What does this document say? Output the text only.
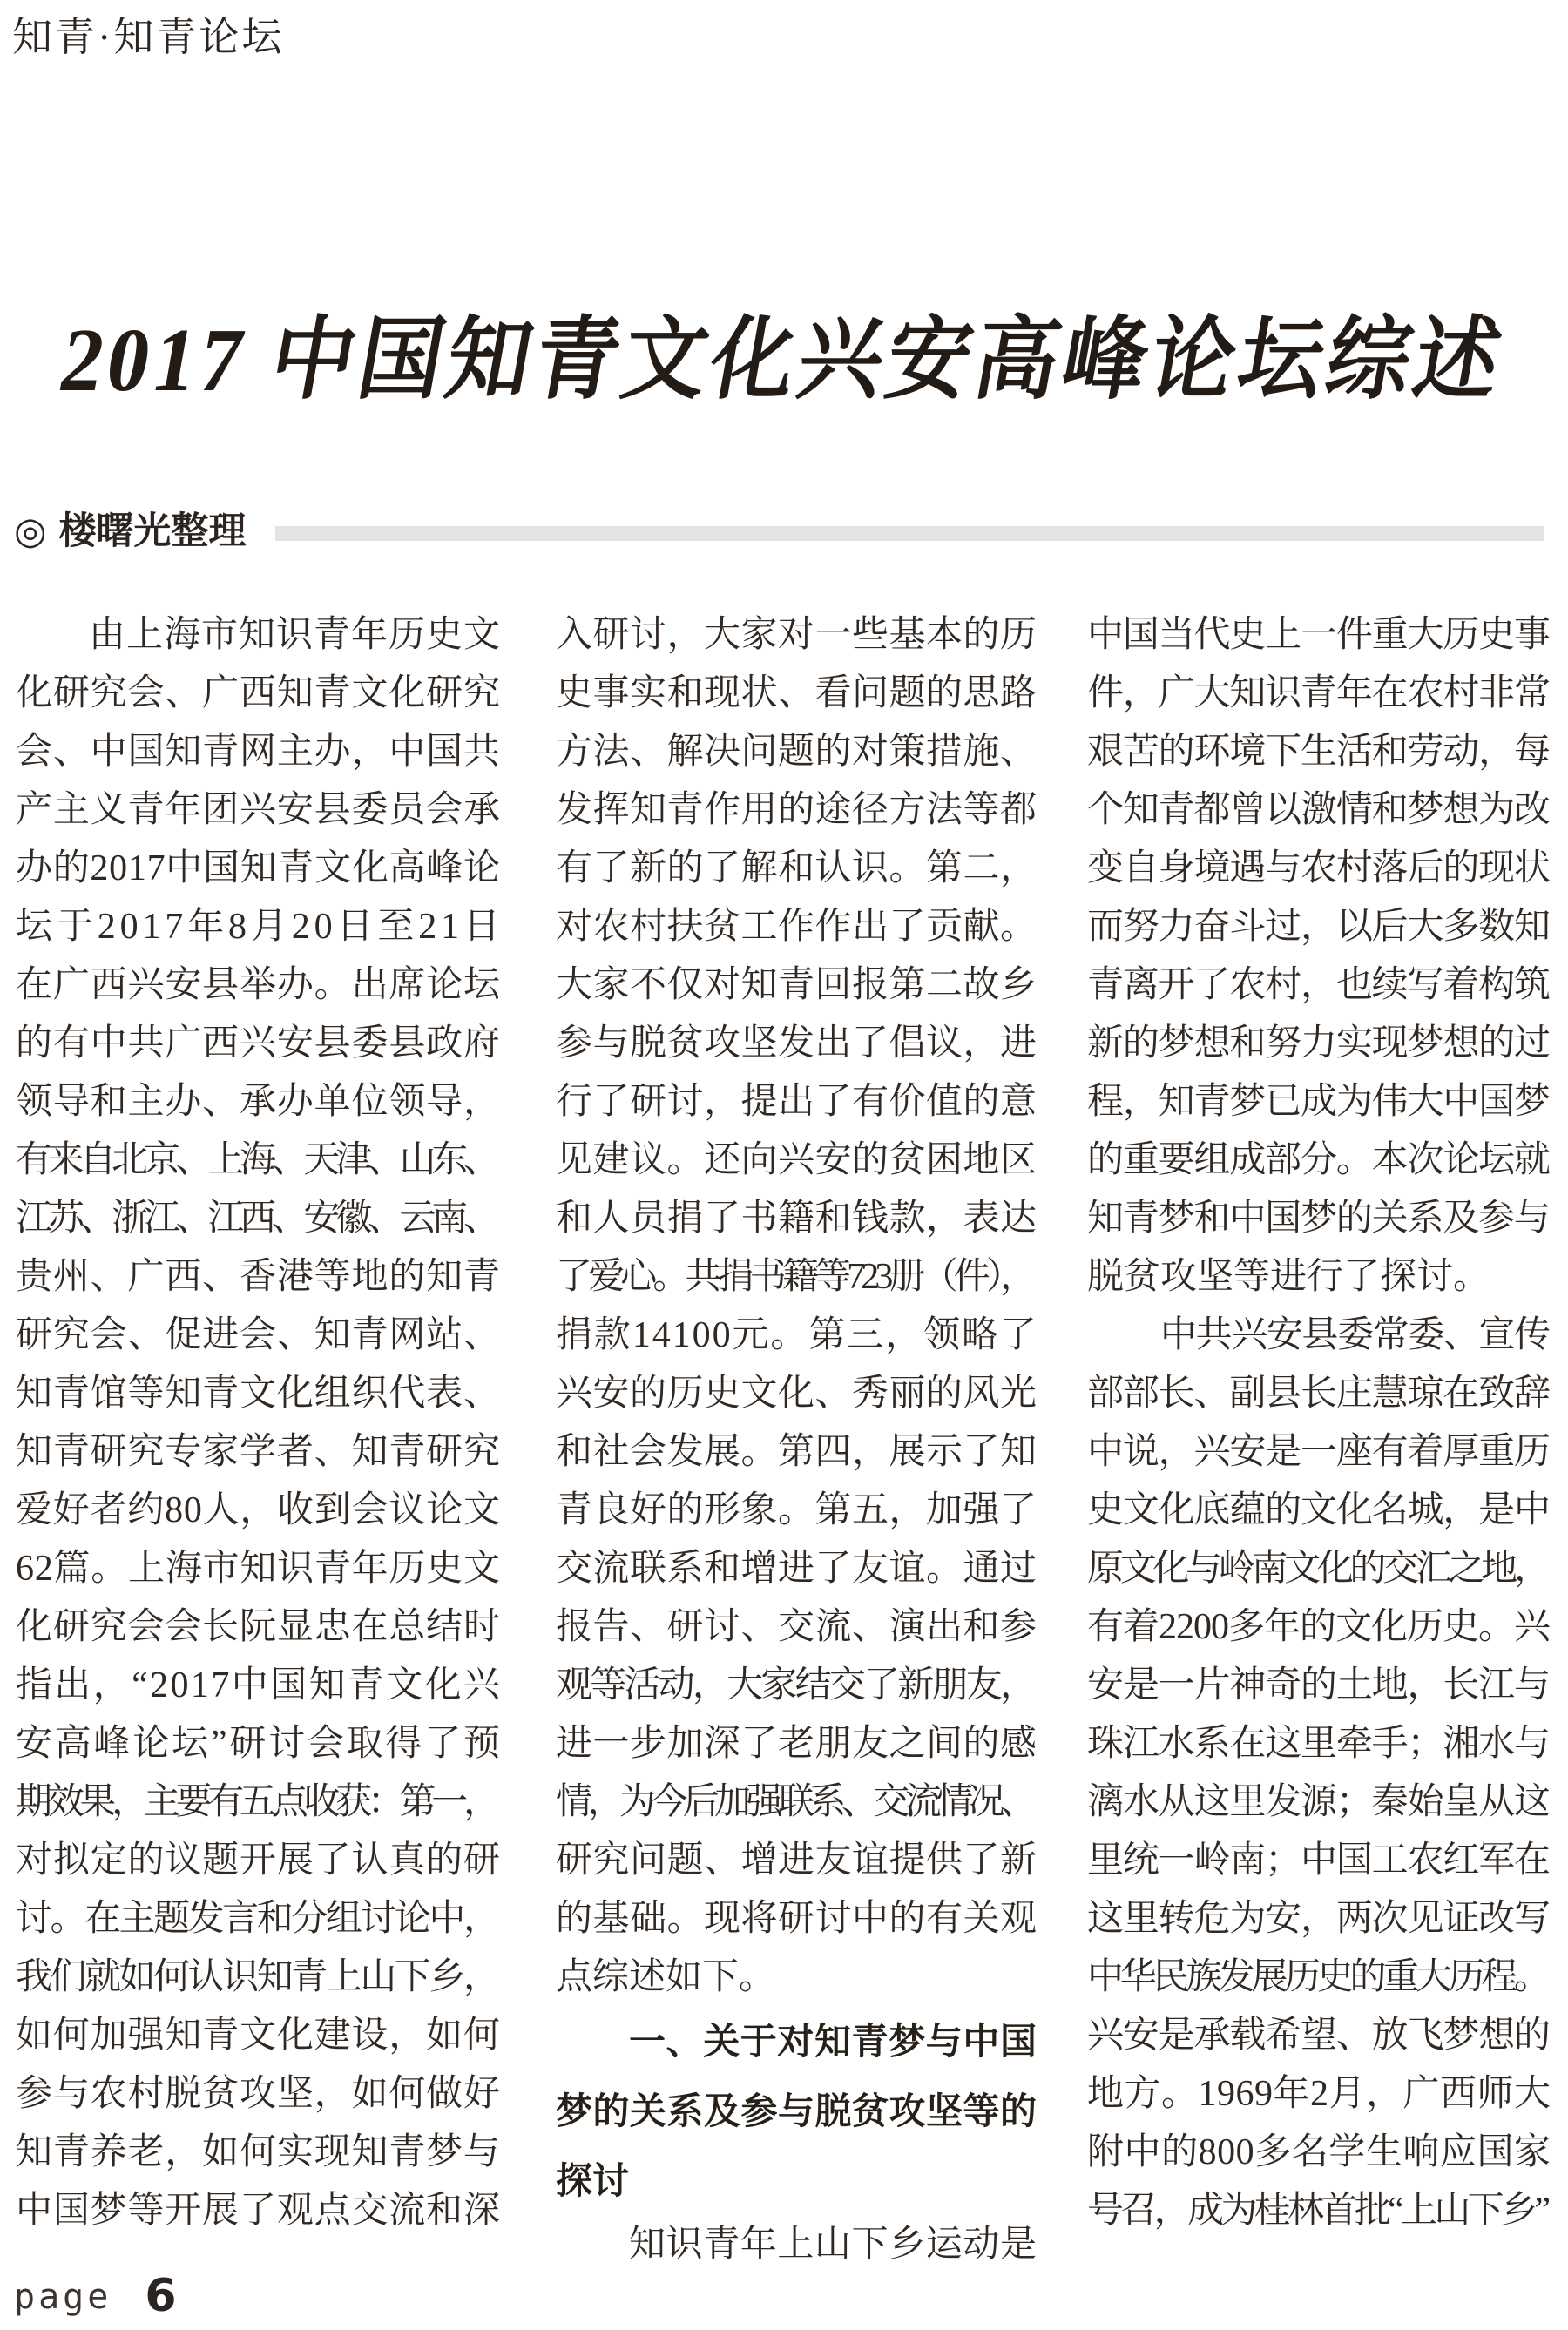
知青·知青论坛
2017 中国知青文化兴安高峰论坛综述
◎ 楼曙光整理
由上海市知识青年历史文
化研究会、广西知青文化研究
会、中国知青网主办，中国共
产主义青年团兴安县委员会承
办的2017中国知青文化高峰论
坛于2017年8月20日至21日
在广西兴安县举办。出席论坛
的有中共广西兴安县委县政府
领导和主办、承办单位领导，
有来自北京、上海、天津、山东、
江苏、浙江、江西、安徽、云南、
贵州、广西、香港等地的知青
研究会、促进会、知青网站、
知青馆等知青文化组织代表、
知青研究专家学者、知青研究
爱好者约80人，收到会议论文
62篇。上海市知识青年历史文
化研究会会长阮显忠在总结时
指出，“2017中国知青文化兴
安高峰论坛”研讨会取得了预
期效果，主要有五点收获：第一，
对拟定的议题开展了认真的研
讨。在主题发言和分组讨论中，
我们就如何认识知青上山下乡，
如何加强知青文化建设，如何
参与农村脱贫攻坚，如何做好
知青养老，如何实现知青梦与
中国梦等开展了观点交流和深
入研讨，大家对一些基本的历
史事实和现状、看问题的思路
方法、解决问题的对策措施、
发挥知青作用的途径方法等都
有了新的了解和认识。第二，
对农村扶贫工作作出了贡献。
大家不仅对知青回报第二故乡
参与脱贫攻坚发出了倡议，进
行了研讨，提出了有价值的意
见建议。还向兴安的贫困地区
和人员捐了书籍和钱款，表达
了爱心。共捐书籍等723册（件），
捐款14100元。第三，领略了
兴安的历史文化、秀丽的风光
和社会发展。第四，展示了知
青良好的形象。第五，加强了
交流联系和增进了友谊。通过
报告、研讨、交流、演出和参
观等活动，大家结交了新朋友，
进一步加深了老朋友之间的感
情，为今后加强联系、交流情况、
研究问题、增进友谊提供了新
的基础。现将研讨中的有关观
点综述如下。
一、关于对知青梦与中国
梦的关系及参与脱贫攻坚等的
探讨
知识青年上山下乡运动是
中国当代史上一件重大历史事
件，广大知识青年在农村非常
艰苦的环境下生活和劳动，每
个知青都曾以激情和梦想为改
变自身境遇与农村落后的现状
而努力奋斗过，以后大多数知
青离开了农村，也续写着构筑
新的梦想和努力实现梦想的过
程，知青梦已成为伟大中国梦
的重要组成部分。本次论坛就
知青梦和中国梦的关系及参与
脱贫攻坚等进行了探讨。
中共兴安县委常委、宣传
部部长、副县长庄慧琼在致辞
中说，兴安是一座有着厚重历
史文化底蕴的文化名城，是中
原文化与岭南文化的交汇之地，
有着2200多年的文化历史。兴
安是一片神奇的土地，长江与
珠江水系在这里牵手；湘水与
漓水从这里发源；秦始皇从这
里统一岭南；中国工农红军在
这里转危为安，两次见证改写
中华民族发展历史的重大历程。
兴安是承载希望、放飞梦想的
地方。1969年2月，广西师大
附中的800多名学生响应国家
号召，成为桂林首批“上山下乡”
page 6
